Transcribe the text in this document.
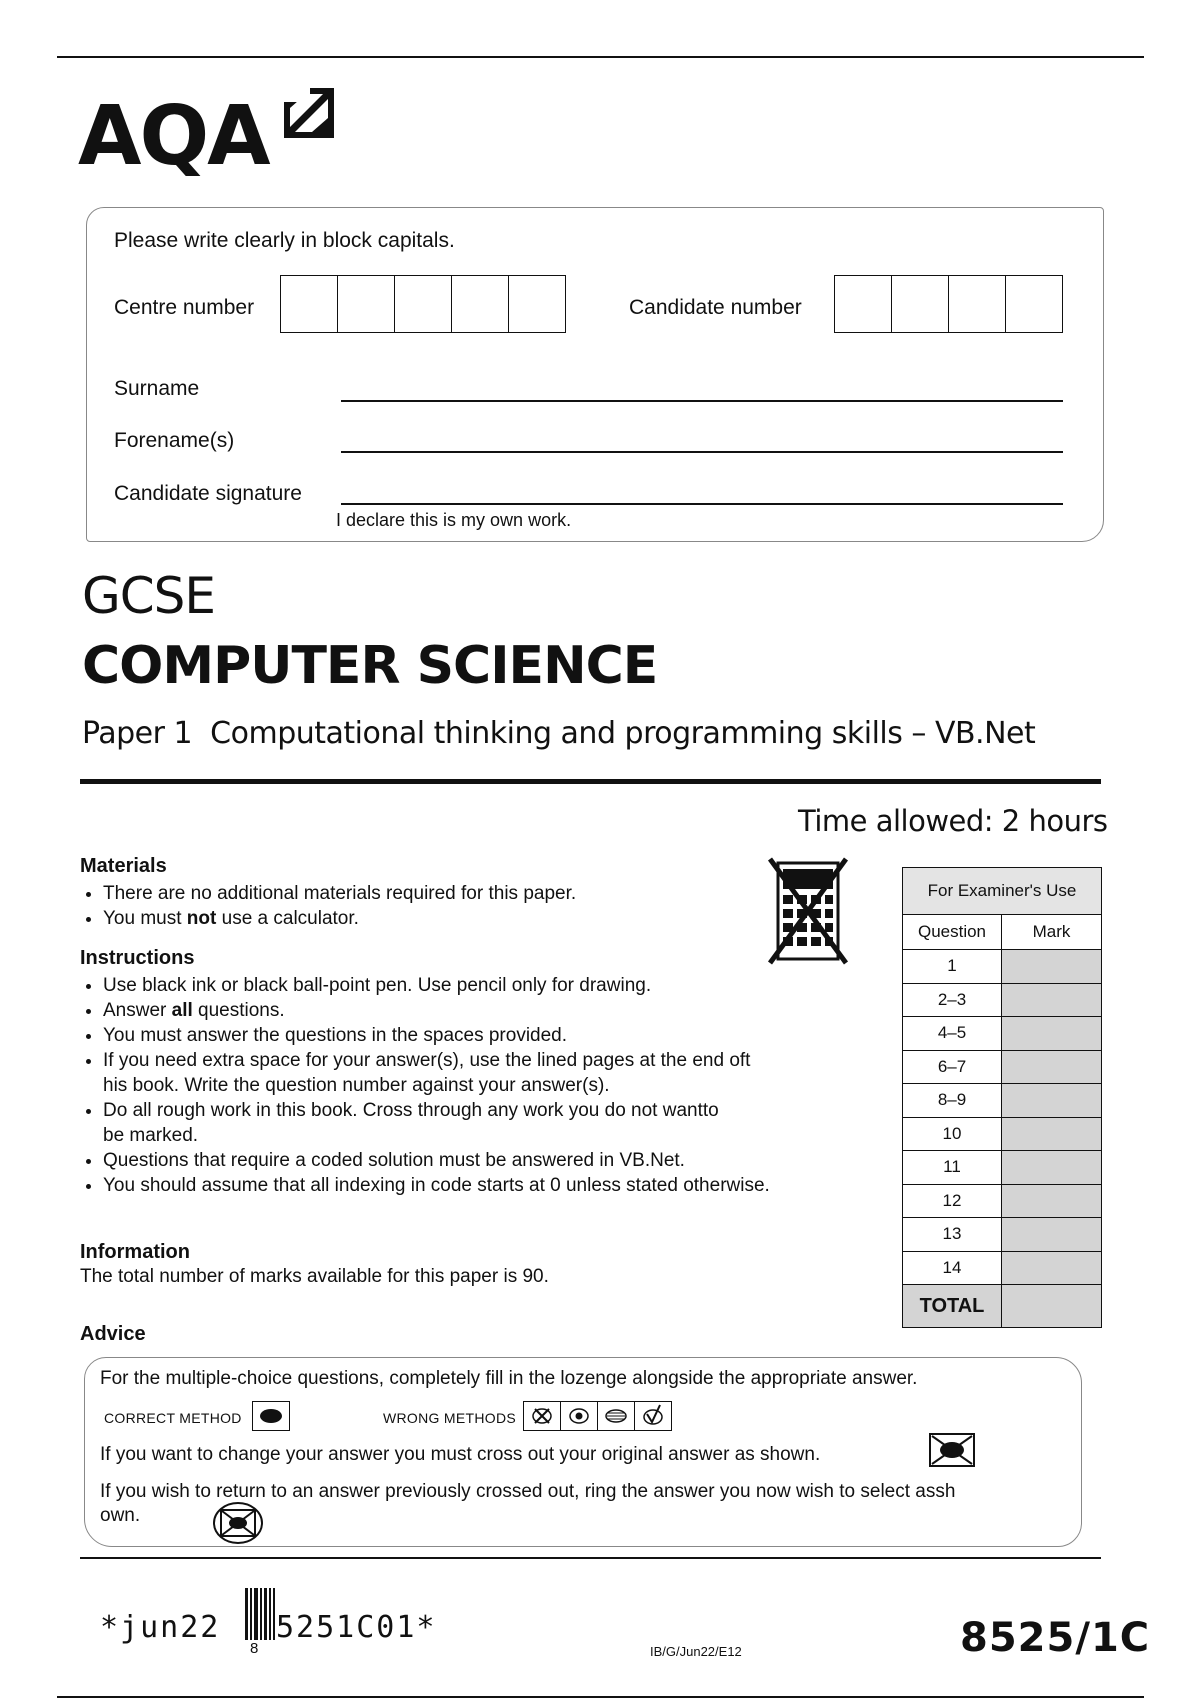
AQA
Please write clearly in block capitals.
Centre number	Candidate number
Surname
Forename(s)
Candidate signature
I declare this is my own work.
GCSE
COMPUTER SCIENCE
Paper 1 Computational thinking and programming skills – VB.Net
Time allowed: 2 hours
Materials
• There are no additional materials required for this paper.
• You must not use a calculator.
Instructions
• Use black ink or black ball-point pen. Use pencil only for drawing.
• Answer all questions.
• You must answer the questions in the spaces provided.
• If you need extra space for your answer(s), use the lined pages at the end oft
his book. Write the question number against your answer(s).
• Do all rough work in this book. Cross through any work you do not wantto
be marked.
• Questions that require a coded solution must be answered in VB.Net.
• You should assume that all indexing in code starts at 0 unless stated otherwise.
Information
The total number of marks available for this paper is 90.
Advice
For Examiner's Use	
Question	Mark
1	
2–3	
4–5	
6–7	
8–9	
10	
11	
12	
13	
14	
TOTAL	
For the multiple-choice questions, completely fill in the lozenge alongside the appropriate answer.
CORRECT METHOD	WRONG METHODS
If you want to change your answer you must cross out your original answer as shown.
If you wish to return to an answer previously crossed out, ring the answer you now wish to select assh
own.
*jun22
8
5251C01*
IB/G/Jun22/E12	8525/1C
